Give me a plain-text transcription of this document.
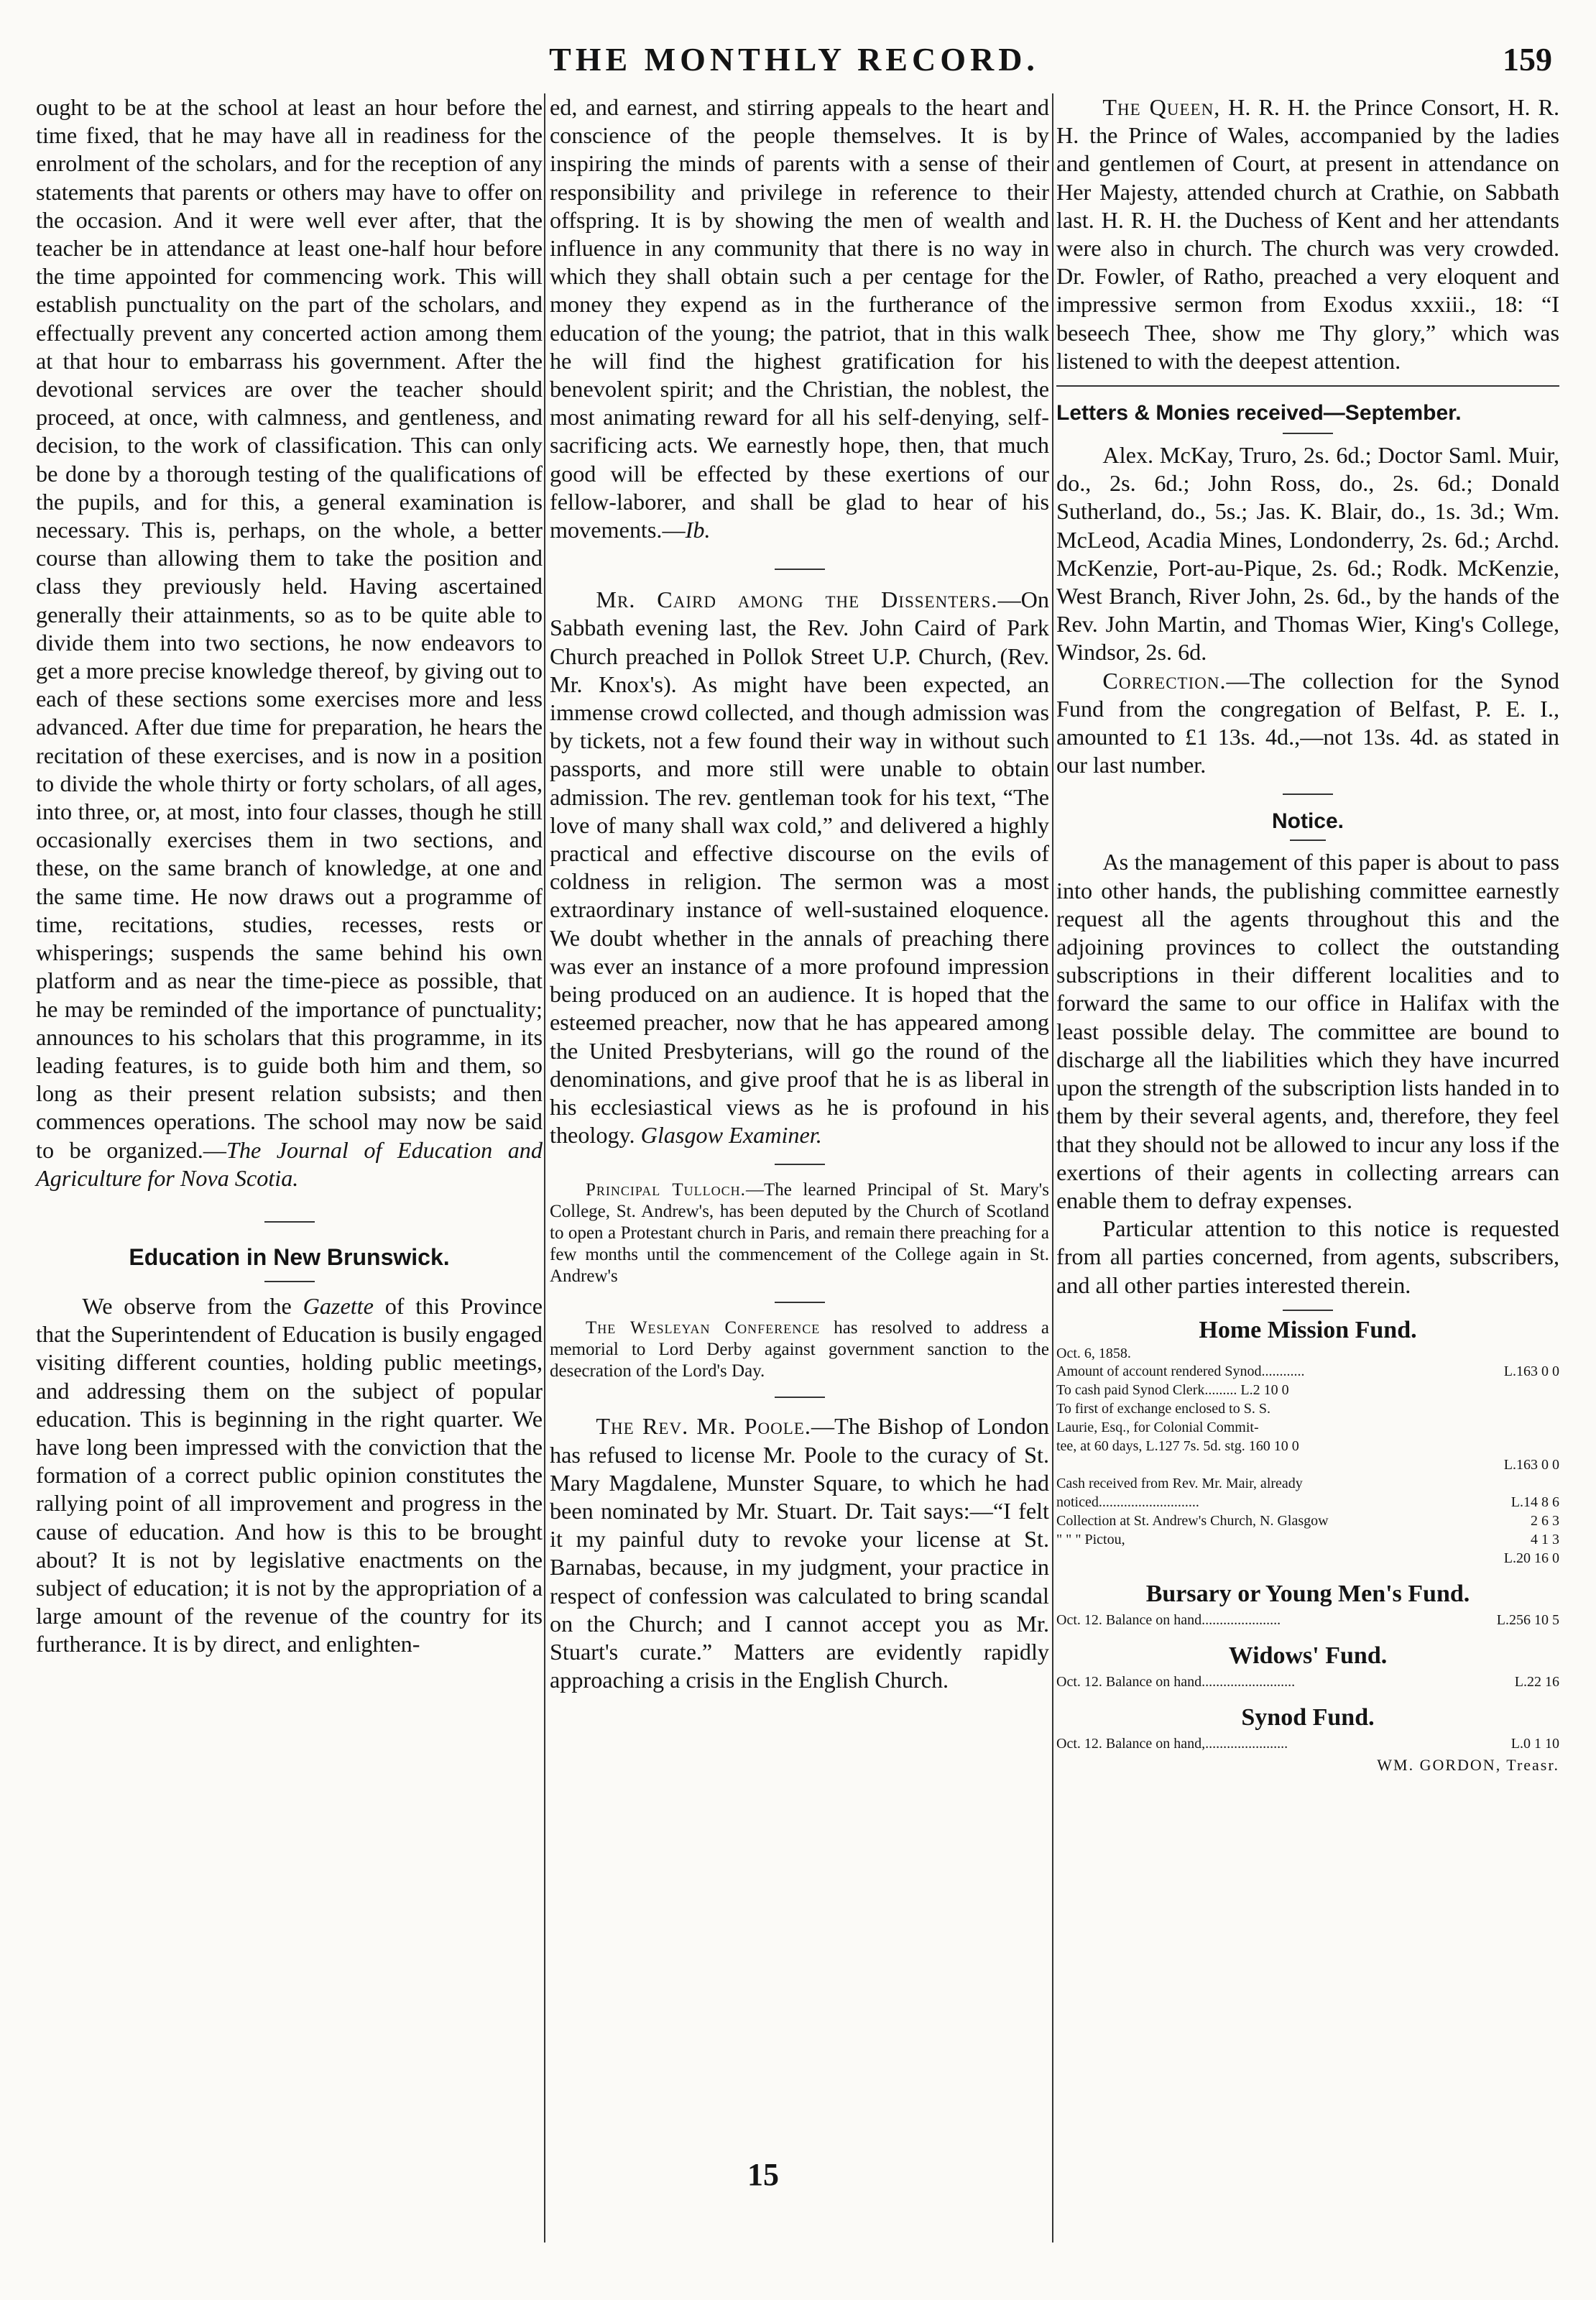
THE MONTHLY RECORD.	159

ought to be at the school at least an hour before the time fixed, that he may have all in readiness for the enrolment of the scholars, and for the reception of any statements that parents or others may have to offer on the occasion. And it were well ever after, that the teacher be in attendance at least one-half hour before the time appointed for commencing work. This will establish punctuality on the part of the scholars, and effectually prevent any concerted action among them at that hour to embarrass his government. After the devotional services are over the teacher should proceed, at once, with calmness, and gentleness, and decision, to the work of classification. This can only be done by a thorough testing of the qualifications of the pupils, and for this, a general examination is necessary. This is, perhaps, on the whole, a better course than allowing them to take the position and class they previously held. Having ascertained generally their attainments, so as to be quite able to divide them into two sections, he now endeavors to get a more precise knowledge thereof, by giving out to each of these sections some exercises more and less advanced. After due time for preparation, he hears the recitation of these exercises, and is now in a position to divide the whole thirty or forty scholars, of all ages, into three, or, at most, into four classes, though he still occasionally exercises them in two sections, and these, on the same branch of knowledge, at one and the same time. He now draws out a programme of time, recitations, studies, recesses, rests or whisperings; suspends the same behind his own platform and as near the time-piece as possible, that he may be reminded of the importance of punctuality; announces to his scholars that this programme, in its leading features, is to guide both him and them, so long as their present relation subsists; and then commences operations. The school may now be said to be organized.—The Journal of Education and Agriculture for Nova Scotia.

Education in New Brunswick.

We observe from the Gazette of this Province that the Superintendent of Education is busily engaged visiting different counties, holding public meetings, and addressing them on the subject of popular education. This is beginning in the right quarter. We have long been impressed with the conviction that the formation of a correct public opinion constitutes the rallying point of all improvement and progress in the cause of education. And how is this to be brought about? It is not by legislative enactments on the subject of education; it is not by the appropriation of a large amount of the revenue of the country for its furtherance. It is by direct, and enlighten-

ed, and earnest, and stirring appeals to the heart and conscience of the people themselves. It is by inspiring the minds of parents with a sense of their responsibility and privilege in reference to their offspring. It is by showing the men of wealth and influence in any community that there is no way in which they shall obtain such a per centage for the money they expend as in the furtherance of the education of the young; the patriot, that in this walk he will find the highest gratification for his benevolent spirit; and the Christian, the noblest, the most animating reward for all his self-denying, self-sacrificing acts. We earnestly hope, then, that much good will be effected by these exertions of our fellow-laborer, and shall be glad to hear of his movements.—Ib.

Mr. Caird among the Dissenters.—On Sabbath evening last, the Rev. John Caird of Park Church preached in Pollok Street U.P. Church, (Rev. Mr. Knox's). As might have been expected, an immense crowd collected, and though admission was by tickets, not a few found their way in without such passports, and more still were unable to obtain admission. The rev. gentleman took for his text, “The love of many shall wax cold,” and delivered a highly practical and effective discourse on the evils of coldness in religion. The sermon was a most extraordinary instance of well-sustained eloquence. We doubt whether in the annals of preaching there was ever an instance of a more profound impression being produced on an audience. It is hoped that the esteemed preacher, now that he has appeared among the United Presbyterians, will go the round of the denominations, and give proof that he is as liberal in his ecclesiastical views as he is profound in his theology. Glasgow Examiner.

Principal Tulloch.—The learned Principal of St. Mary's College, St. Andrew's, has been deputed by the Church of Scotland to open a Protestant church in Paris, and remain there preaching for a few months until the commencement of the College again in St. Andrew's

The Wesleyan Conference has resolved to address a memorial to Lord Derby against government sanction to the desecration of the Lord's Day.

The Rev. Mr. Poole.—The Bishop of London has refused to license Mr. Poole to the curacy of St. Mary Magdalene, Munster Square, to which he had been nominated by Mr. Stuart. Dr. Tait says:—“I felt it my painful duty to revoke your license at St. Barnabas, because, in my judgment, your practice in respect of confession was calculated to bring scandal on the Church; and I cannot accept you as Mr. Stuart's curate.” Matters are evidently rapidly approaching a crisis in the English Church.

The Queen, H. R. H. the Prince Consort, H. R. H. the Prince of Wales, accompanied by the ladies and gentlemen of Court, at present in attendance on Her Majesty, attended church at Crathie, on Sabbath last. H. R. H. the Duchess of Kent and her attendants were also in church. The church was very crowded. Dr. Fowler, of Ratho, preached a very eloquent and impressive sermon from Exodus xxxiii., 18: “I beseech Thee, show me Thy glory,” which was listened to with the deepest attention.

Letters & Monies received—September.

Alex. McKay, Truro, 2s. 6d.; Doctor Saml. Muir, do., 2s. 6d.; John Ross, do., 2s. 6d.; Donald Sutherland, do., 5s.; Jas. K. Blair, do., 1s. 3d.; Wm. McLeod, Acadia Mines, Londonderry, 2s. 6d.; Archd. McKenzie, Port-au-Pique, 2s. 6d.; Rodk. McKenzie, West Branch, River John, 2s. 6d., by the hands of the Rev. John Martin, and Thomas Wier, King's College, Windsor, 2s. 6d.

Correction.—The collection for the Synod Fund from the congregation of Belfast, P. E. I., amounted to £1 13s. 4d.,—not 13s. 4d. as stated in our last number.

Notice.

As the management of this paper is about to pass into other hands, the publishing committee earnestly request all the agents throughout this and the adjoining provinces to collect the outstanding subscriptions in their different localities and to forward the same to our office in Halifax with the least possible delay. The committee are bound to discharge all the liabilities which they have incurred upon the strength of the subscription lists handed in to them by their several agents, and, therefore, they feel that they should not be allowed to incur any loss if the exertions of their agents in collecting arrears can enable them to defray expenses.

Particular attention to this notice is requested from all parties concerned, from agents, subscribers, and all other parties interested therein.

Home Mission Fund.
Oct. 6, 1858.
Amount of account rendered Synod............	L.163 0 0
To cash paid Synod Clerk......... L.2 10 0
To first of exchange enclosed to S. S.
Laurie, Esq., for Colonial Commit-
tee, at 60 days, L.127 7s. 5d. stg. 160 10 0
L.163 0 0
Cash received from Rev. Mr. Mair, already
noticed............................	L.14 8 6
Collection at St. Andrew's Church, N. Glasgow	2 6 3
" " " Pictou,	4 1 3
L.20 16 0
Bursary or Young Men's Fund.
Oct. 12. Balance on hand......................	L.256 10 5
Widows' Fund.
Oct. 12. Balance on hand..........................	L.22 16
Synod Fund.
Oct. 12. Balance on hand,.......................	L.0 1 10
WM. GORDON, Treasr.
15
